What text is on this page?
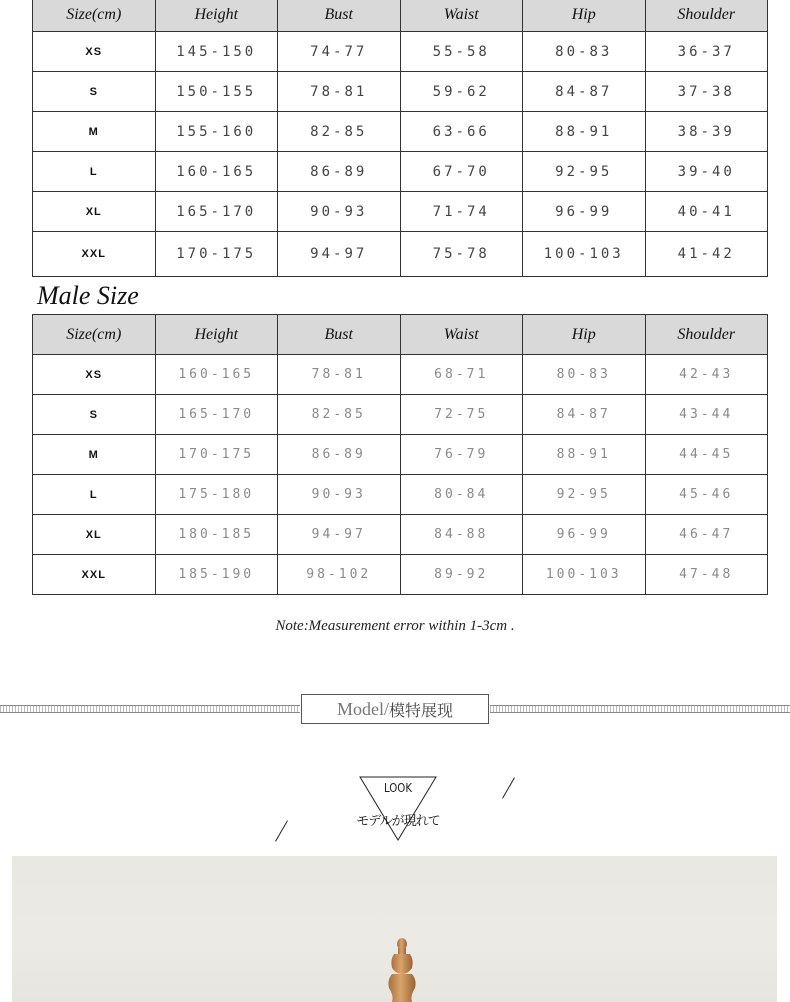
Size(cm)	Height	Bust	Waist	Hip	Shoulder
XS	145-150	74-77	55-58	80-83	36-37
S	150-155	78-81	59-62	84-87	37-38
M	155-160	82-85	63-66	88-91	38-39
L	160-165	86-89	67-70	92-95	39-40
XL	165-170	90-93	71-74	96-99	40-41
XXL	170-175	94-97	75-78	100-103	41-42
Male Size
Size(cm)	Height	Bust	Waist	Hip	Shoulder
XS	160-165	78-81	68-71	80-83	42-43
S	165-170	82-85	72-75	84-87	43-44
M	170-175	86-89	76-79	88-91	44-45
L	175-180	90-93	80-84	92-95	45-46
XL	180-185	94-97	84-88	96-99	46-47
XXL	185-190	98-102	89-92	100-103	47-48
Note:Measurement error within 1-3cm .
Model / 模特展现
LOOK
モデルが現れて
